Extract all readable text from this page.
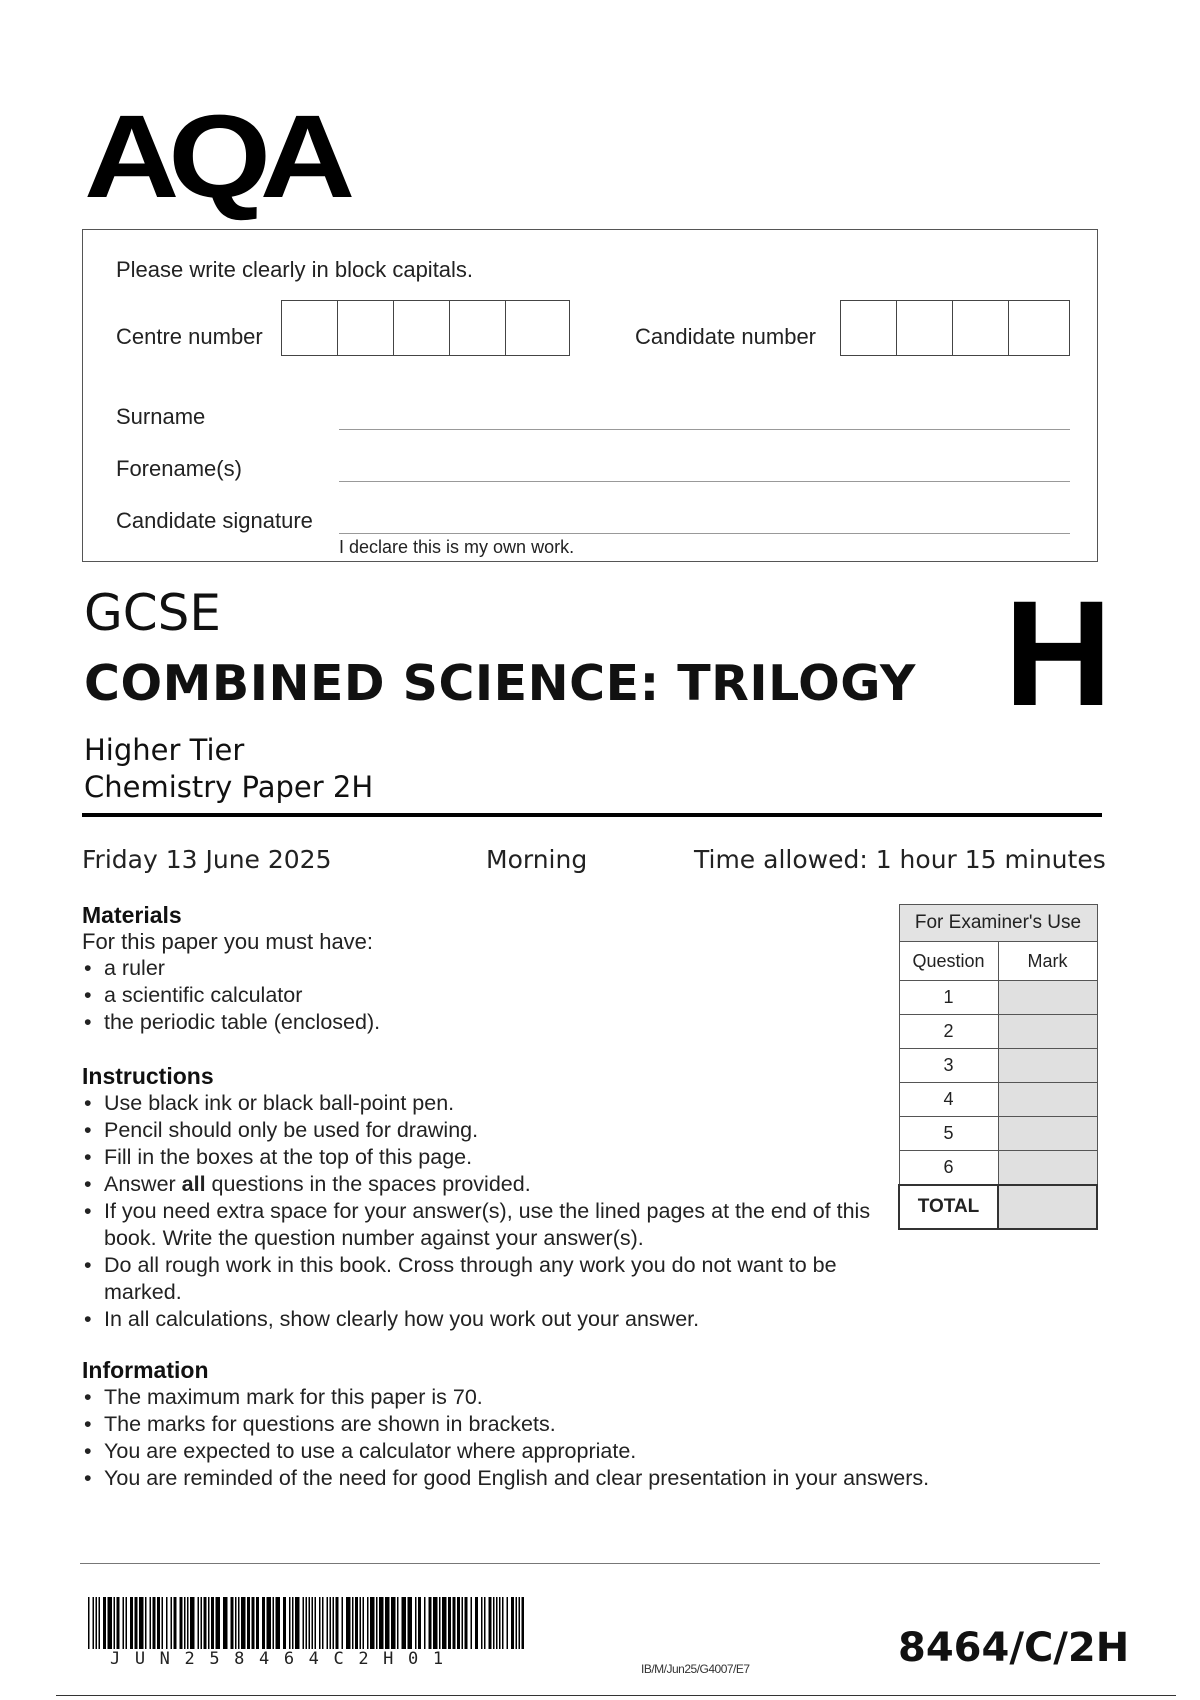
AQA
Please write clearly in block capitals.
Centre number	Candidate number
Surname
Forename(s)
Candidate signature
I declare this is my own work.
GCSE
COMBINED SCIENCE: TRILOGY H
Higher Tier
Chemistry Paper 2H
Friday 13 June 2025	Morning	Time allowed: 1 hour 15 minutes
Materials
For this paper you must have:
• a ruler
• a scientific calculator
• the periodic table (enclosed).
Instructions
• Use black ink or black ball-point pen.
• Pencil should only be used for drawing.
• Fill in the boxes at the top of this page.
• Answer all questions in the spaces provided.
• If you need extra space for your answer(s), use the lined pages at the end of this book. Write the question number against your answer(s).
• Do all rough work in this book. Cross through any work you do not want to be marked.
• In all calculations, show clearly how you work out your answer.
Information
• The maximum mark for this paper is 70.
• The marks for questions are shown in brackets.
• You are expected to use a calculator where appropriate.
• You are reminded of the need for good English and clear presentation in your answers.
For Examiner's Use	
Question	Mark
1	
2	
3	
4	
5	
6	
TOTAL	
JUN258464C2H01	IB/M/Jun25/G4007/E7	8464/C/2H
